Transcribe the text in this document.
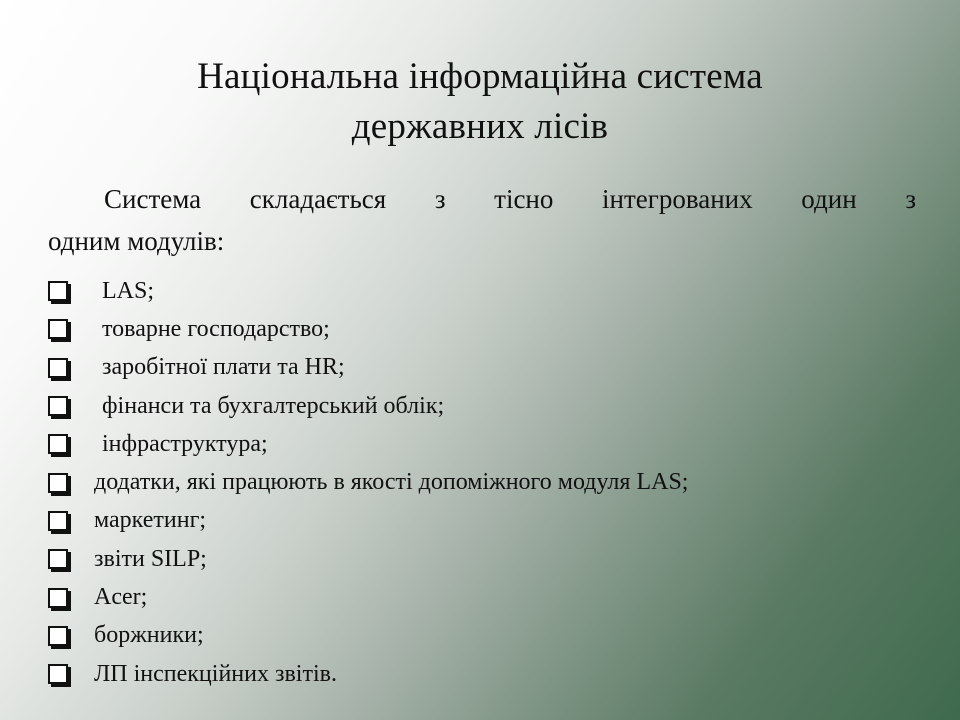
Національна інформаційна система
державних лісів

Система складається з тісно інтегрованих один з
одним модулів:

LAS;
товарне господарство;
заробітної плати та HR;
фінанси та бухгалтерський облік;
інфраструктура;
додатки, які працюють в якості допоміжного модуля LAS;
маркетинг;
звіти SILP;
Acer;
боржники;
ЛП інспекційних звітів.
